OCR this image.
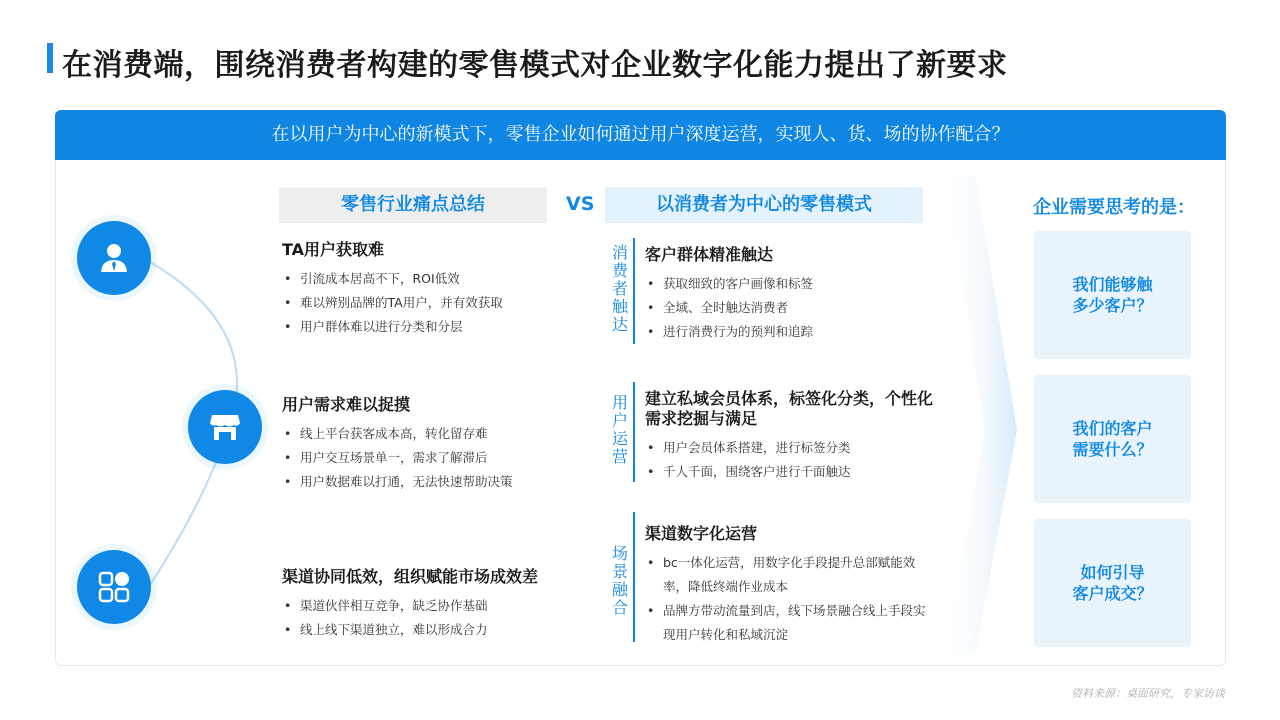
在消费端，围绕消费者构建的零售模式对企业数字化能力提出了新要求
在以用户为中心的新模式下，零售企业如何通过用户深度运营，实现人、货、场的协作配合？
零售行业痛点总结	VS	以消费者为中心的零售模式	企业需要思考的是：
TA用户获取难
• 引流成本居高不下，ROI低效
• 难以辨别品牌的TA用户，并有效获取
• 用户群体难以进行分类和分层
用户需求难以捉摸
• 线上平台获客成本高，转化留存难
• 用户交互场景单一，需求了解滞后
• 用户数据难以打通，无法快速帮助决策
渠道协同低效，组织赋能市场成效差
• 渠道伙伴相互竞争，缺乏协作基础
• 线上线下渠道独立，难以形成合力
消费者触达
用户运营
场景融合
客户群体精准触达
• 获取细致的客户画像和标签
• 全域、全时触达消费者
• 进行消费行为的预判和追踪
建立私域会员体系，标签化分类，个性化需求挖掘与满足
• 用户会员体系搭建，进行标签分类
• 千人千面，围绕客户进行千面触达
渠道数字化运营
• bc一体化运营，用数字化手段提升总部赋能效率，降低终端作业成本
• 品牌方带动流量到店，线下场景融合线上手段实现用户转化和私域沉淀
我们能够触
多少客户？
我们的客户
需要什么？
如何引导
客户成交？
资料来源：桌面研究，专家访谈
